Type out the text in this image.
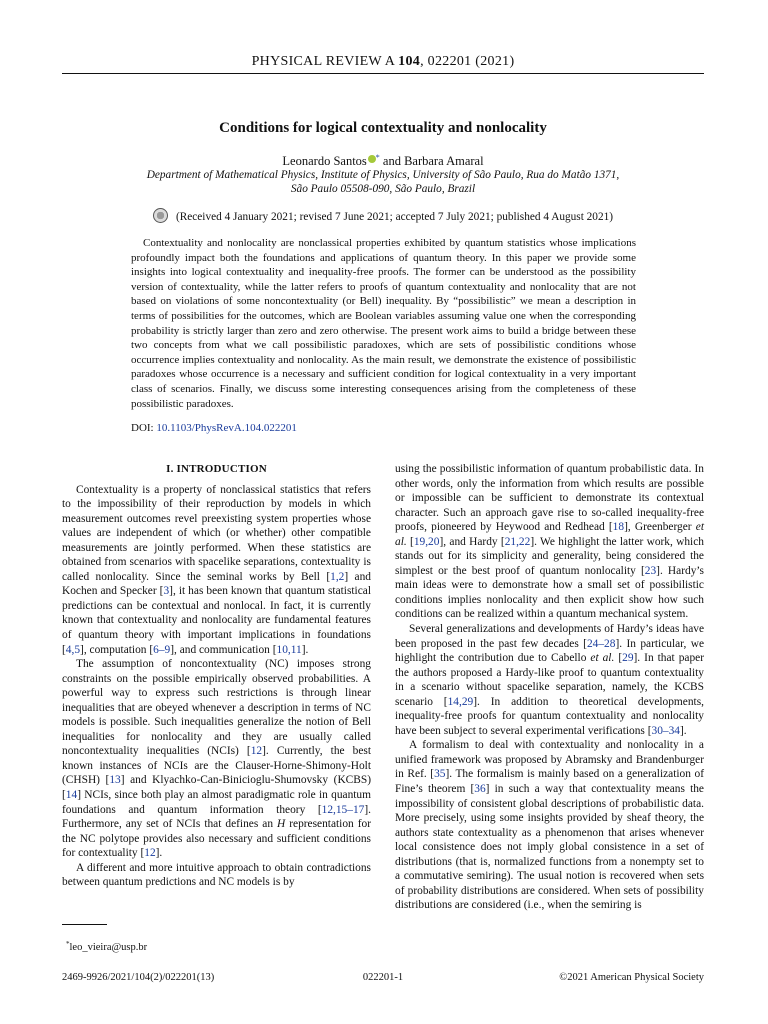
PHYSICAL REVIEW A 104, 022201 (2021)
Conditions for logical contextuality and nonlocality
Leonardo Santos * and Barbara Amaral
Department of Mathematical Physics, Institute of Physics, University of São Paulo, Rua do Matão 1371,
São Paulo 05508-090, São Paulo, Brazil
(Received 4 January 2021; revised 7 June 2021; accepted 7 July 2021; published 4 August 2021)
Contextuality and nonlocality are nonclassical properties exhibited by quantum statistics whose implications profoundly impact both the foundations and applications of quantum theory. In this paper we provide some insights into logical contextuality and inequality-free proofs. The former can be understood as the possibility version of contextuality, while the latter refers to proofs of quantum contextuality and nonlocality that are not based on violations of some noncontextuality (or Bell) inequality. By “possibilistic” we mean a description in terms of possibilities for the outcomes, which are Boolean variables assuming value one when the corresponding probability is strictly larger than zero and zero otherwise. The present work aims to build a bridge between these two concepts from what we call possibilistic paradoxes, which are sets of possibilistic conditions whose occurrence implies contextuality and nonlocality. As the main result, we demonstrate the existence of possibilistic paradoxes whose occurrence is a necessary and sufficient condition for logical contextuality in a very important class of scenarios. Finally, we discuss some interesting consequences arising from the completeness of these possibilistic paradoxes.
DOI: 10.1103/PhysRevA.104.022201
I. INTRODUCTION

Contextuality is a property of nonclassical statistics that refers to the impossibility of their reproduction by models in which measurement outcomes revel preexisting system properties whose values are independent of which (or whether) other compatible measurements are jointly performed. When these statistics are obtained from scenarios with spacelike separations, contextuality is called nonlocality. Since the seminal works by Bell [1,2] and Kochen and Specker [3], it has been known that quantum statistical predictions can be contextual and nonlocal. In fact, it is currently known that contextuality and nonlocality are fundamental features of quantum theory with important implications in foundations [4,5], computation [6–9], and communication [10,11].

The assumption of noncontextuality (NC) imposes strong constraints on the possible empirically observed probabilities. A powerful way to express such restrictions is through linear inequalities that are obeyed whenever a description in terms of NC models is possible. Such inequalities generalize the notion of Bell inequalities for nonlocality and they are usually called noncontextuality inequalities (NCIs) [12]. Currently, the best known instances of NCIs are the Clauser-Horne-Shimony-Holt (CHSH) [13] and Klyachko-Can-Binicioglu-Shumovsky (KCBS) [14] NCIs, since both play an almost paradigmatic role in quantum foundations and quantum information theory [12,15–17]. Furthermore, any set of NCIs that defines an H representation for the NC polytope provides also necessary and sufficient conditions for contextuality [12].

A different and more intuitive approach to obtain contradictions between quantum predictions and NC models is by

using the possibilistic information of quantum probabilistic data. In other words, only the information from which results are possible or impossible can be sufficient to demonstrate its contextual character. Such an approach gave rise to so-called inequality-free proofs, pioneered by Heywood and Redhead [18], Greenberger et al. [19,20], and Hardy [21,22]. We highlight the latter work, which stands out for its simplicity and generality, being considered the simplest or the best proof of quantum nonlocality [23]. Hardy’s main ideas were to demonstrate how a small set of possibilistic conditions implies nonlocality and then explicit show how such conditions can be realized within a quantum mechanical system.

Several generalizations and developments of Hardy’s ideas have been proposed in the past few decades [24–28]. In particular, we highlight the contribution due to Cabello et al. [29]. In that paper the authors proposed a Hardy-like proof to quantum contextuality in a scenario without spacelike separation, namely, the KCBS scenario [14,29]. In addition to theoretical developments, inequality-free proofs for quantum contextuality and nonlocality have been subject to several experimental verifications [30–34].

A formalism to deal with contextuality and nonlocality in a unified framework was proposed by Abramsky and Brandenburger in Ref. [35]. The formalism is mainly based on a generalization of Fine’s theorem [36] in such a way that contextuality means the impossibility of consistent global descriptions of probabilistic data. More precisely, using some insights provided by sheaf theory, the authors state contextuality as a phenomenon that arises whenever local consistence does not imply global consistence in a set of distributions (that is, normalized functions from a nonempty set to a commutative semiring). The usual notion is recovered when sets of probability distributions are considered. When sets of possibility distributions are considered (i.e., when the semiring is

*leo_vieira@usp.br
2469-9926/2021/104(2)/022201(13)	022201-1	©2021 American Physical Society
